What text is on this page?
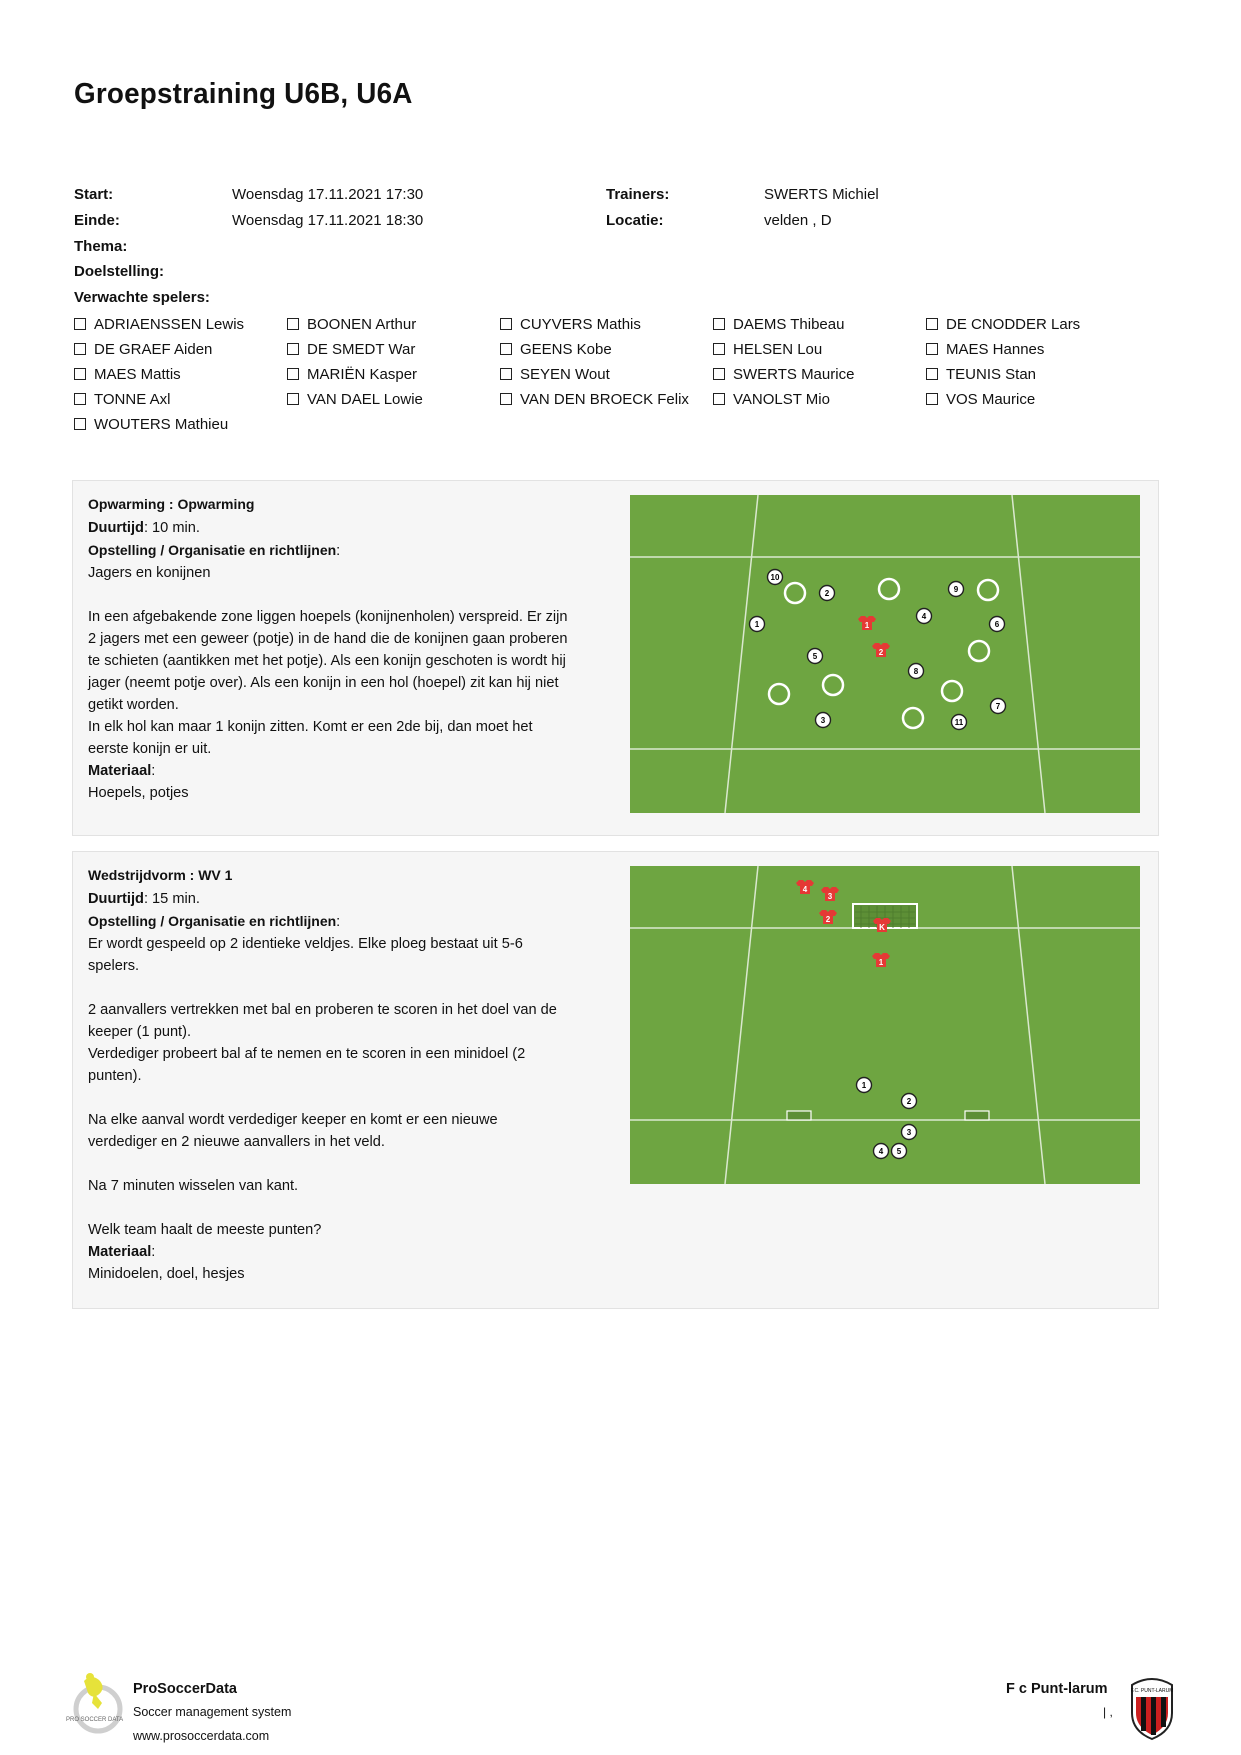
Groepstraining U6B, U6A
Start:	Woensdag 17.11.2021 17:30
Einde:	Woensdag 17.11.2021 18:30
Trainers:	SWERTS Michiel
Locatie:	velden , D
Thema:
Doelstelling:
Verwachte spelers:
ADRIAENSSEN Lewis	BOONEN Arthur	CUYVERS Mathis	DAEMS Thibeau	DE CNODDER Lars
DE GRAEF Aiden	DE SMEDT War	GEENS Kobe	HELSEN Lou	MAES Hannes
MAES Mattis	MARIËN Kasper	SEYEN Wout	SWERTS Maurice	TEUNIS Stan
TONNE Axl	VAN DAEL Lowie	VAN DEN BROECK Felix	VANOLST Mio	VOS Maurice
WOUTERS Mathieu
Opwarming : Opwarming

Duurtijd: 10 min.

Opstelling / Organisatie en richtlijnen:

Jagers en konijnen

In een afgebakende zone liggen hoepels (konijnenholen) verspreid. Er zijn

2 jagers met een geweer (potje) in de hand die de konijnen gaan proberen

te schieten (aantikken met het potje). Als een konijn geschoten is wordt hij

jager (neemt potje over). Als een konijn in een hol (hoepel) zit kan hij niet

getikt worden.

In elk hol kan maar 1 konijn zitten. Komt er een 2de bij, dan moet het

eerste konijn er uit.

Materiaal:

Hoepels, potjes

10
2	9
1
4
6
5
8
3	11
7
1
2
Wedstrijdvorm : WV 1

Duurtijd: 15 min.

Opstelling / Organisatie en richtlijnen:

Er wordt gespeeld op 2 identieke veldjes. Elke ploeg bestaat uit 5-6

spelers.

2 aanvallers vertrekken met bal en proberen te scoren in het doel van de

keeper (1 punt).

Verdediger probeert bal af te nemen en te scoren in een minidoel (2

punten).

Na elke aanval wordt verdediger keeper en komt er een nieuwe

verdediger en 2 nieuwe aanvallers in het veld.

Na 7 minuten wisselen van kant.

Welk team haalt de meeste punten?

Materiaal:

Minidoelen, doel, hesjes

4
3
2
K
1
1
2
3
4 5
PRO SOCCER DATA
ProSoccerData
Soccer management system
www.prosoccerdata.com
F c Punt-larum
| ,
F.C. PUNT-LARUM
